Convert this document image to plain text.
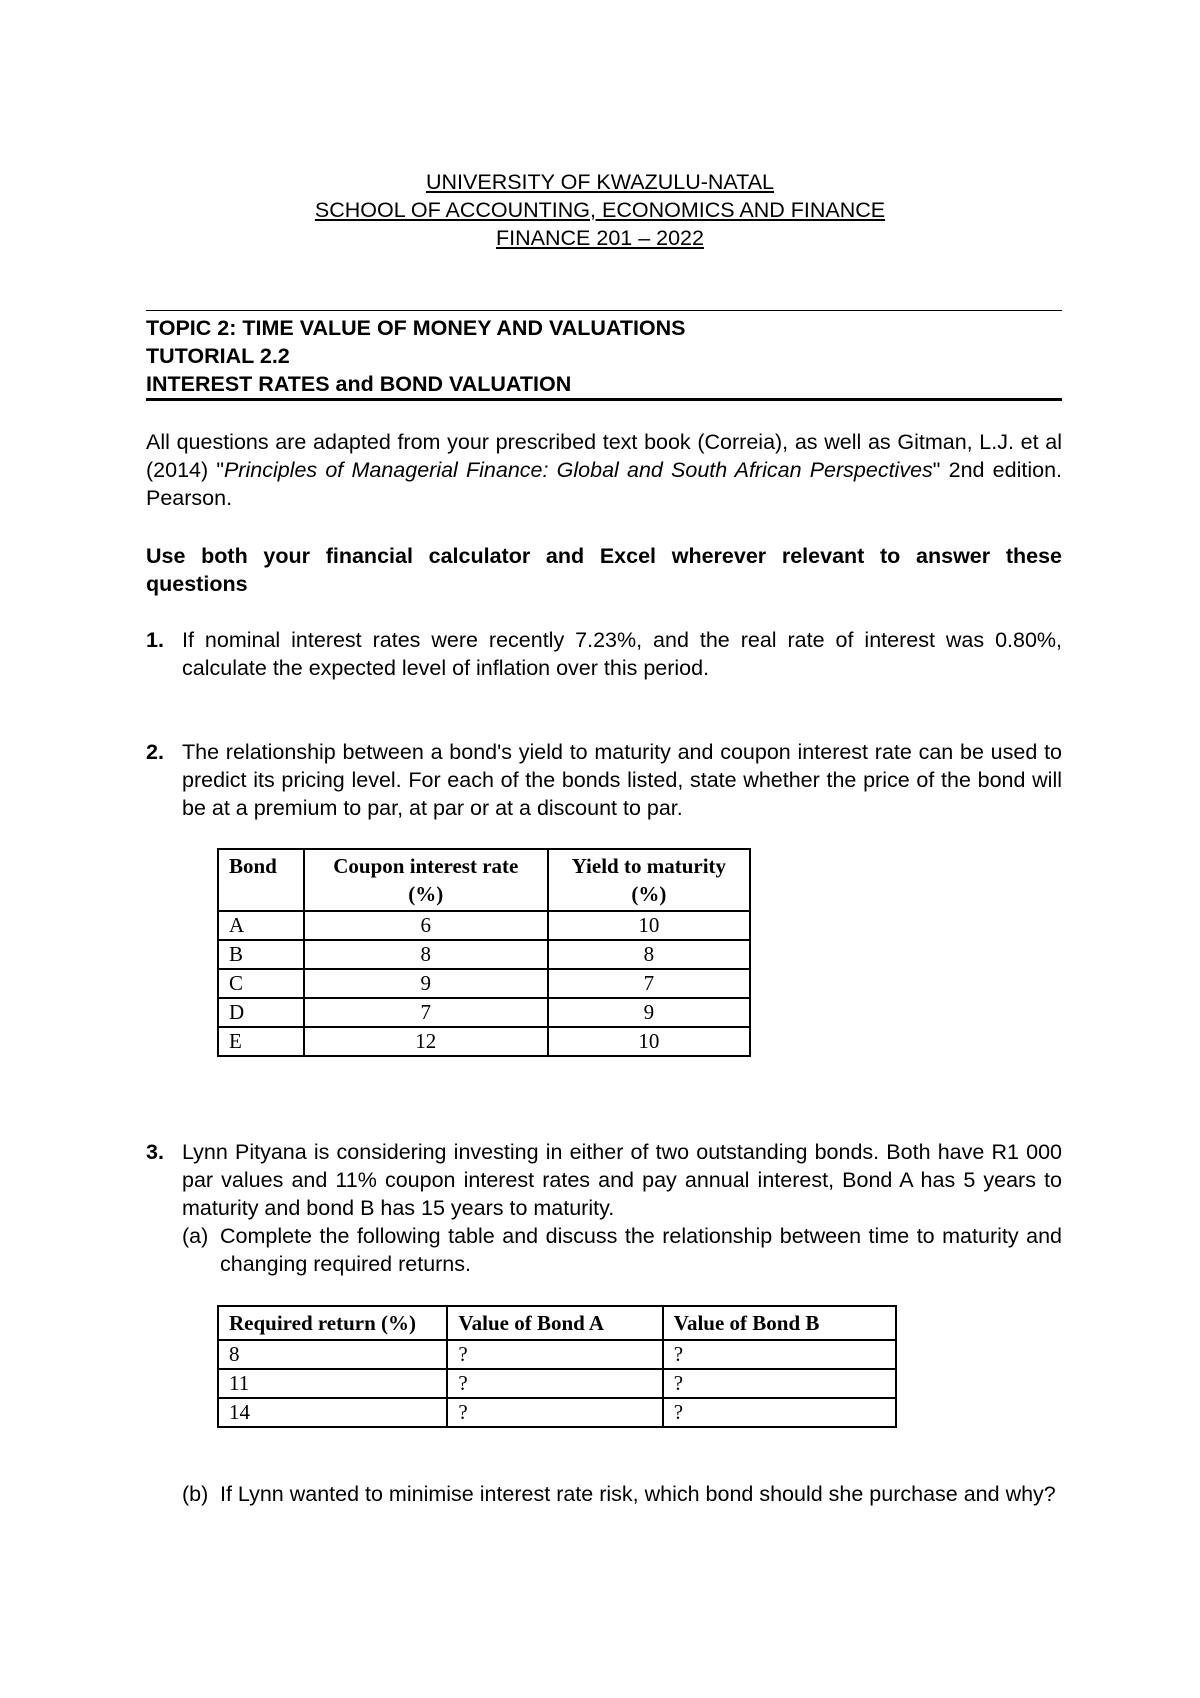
UNIVERSITY OF KWAZULU-NATAL
SCHOOL OF ACCOUNTING, ECONOMICS AND FINANCE
FINANCE 201 – 2022
TOPIC 2: TIME VALUE OF MONEY AND VALUATIONS
TUTORIAL 2.2
INTEREST RATES and BOND VALUATION
All questions are adapted from your prescribed text book (Correia), as well as Gitman, L.J. et al (2014) "Principles of Managerial Finance: Global and South African Perspectives" 2nd edition. Pearson.
Use both your financial calculator and Excel wherever relevant to answer these questions
1. If nominal interest rates were recently 7.23%, and the real rate of interest was 0.80%, calculate the expected level of inflation over this period.
2. The relationship between a bond's yield to maturity and coupon interest rate can be used to predict its pricing level. For each of the bonds listed, state whether the price of the bond will be at a premium to par, at par or at a discount to par.
Bond	Coupon interest rate (%)	Yield to maturity (%)
A	6	10
B	8	8
C	9	7
D	7	9
E	12	10
3. Lynn Pityana is considering investing in either of two outstanding bonds. Both have R1 000 par values and 11% coupon interest rates and pay annual interest, Bond A has 5 years to maturity and bond B has 15 years to maturity.
(a) Complete the following table and discuss the relationship between time to maturity and changing required returns.
Required return (%)	Value of Bond A	Value of Bond B
8	?	?
11	?	?
14	?	?
(b) If Lynn wanted to minimise interest rate risk, which bond should she purchase and why?
